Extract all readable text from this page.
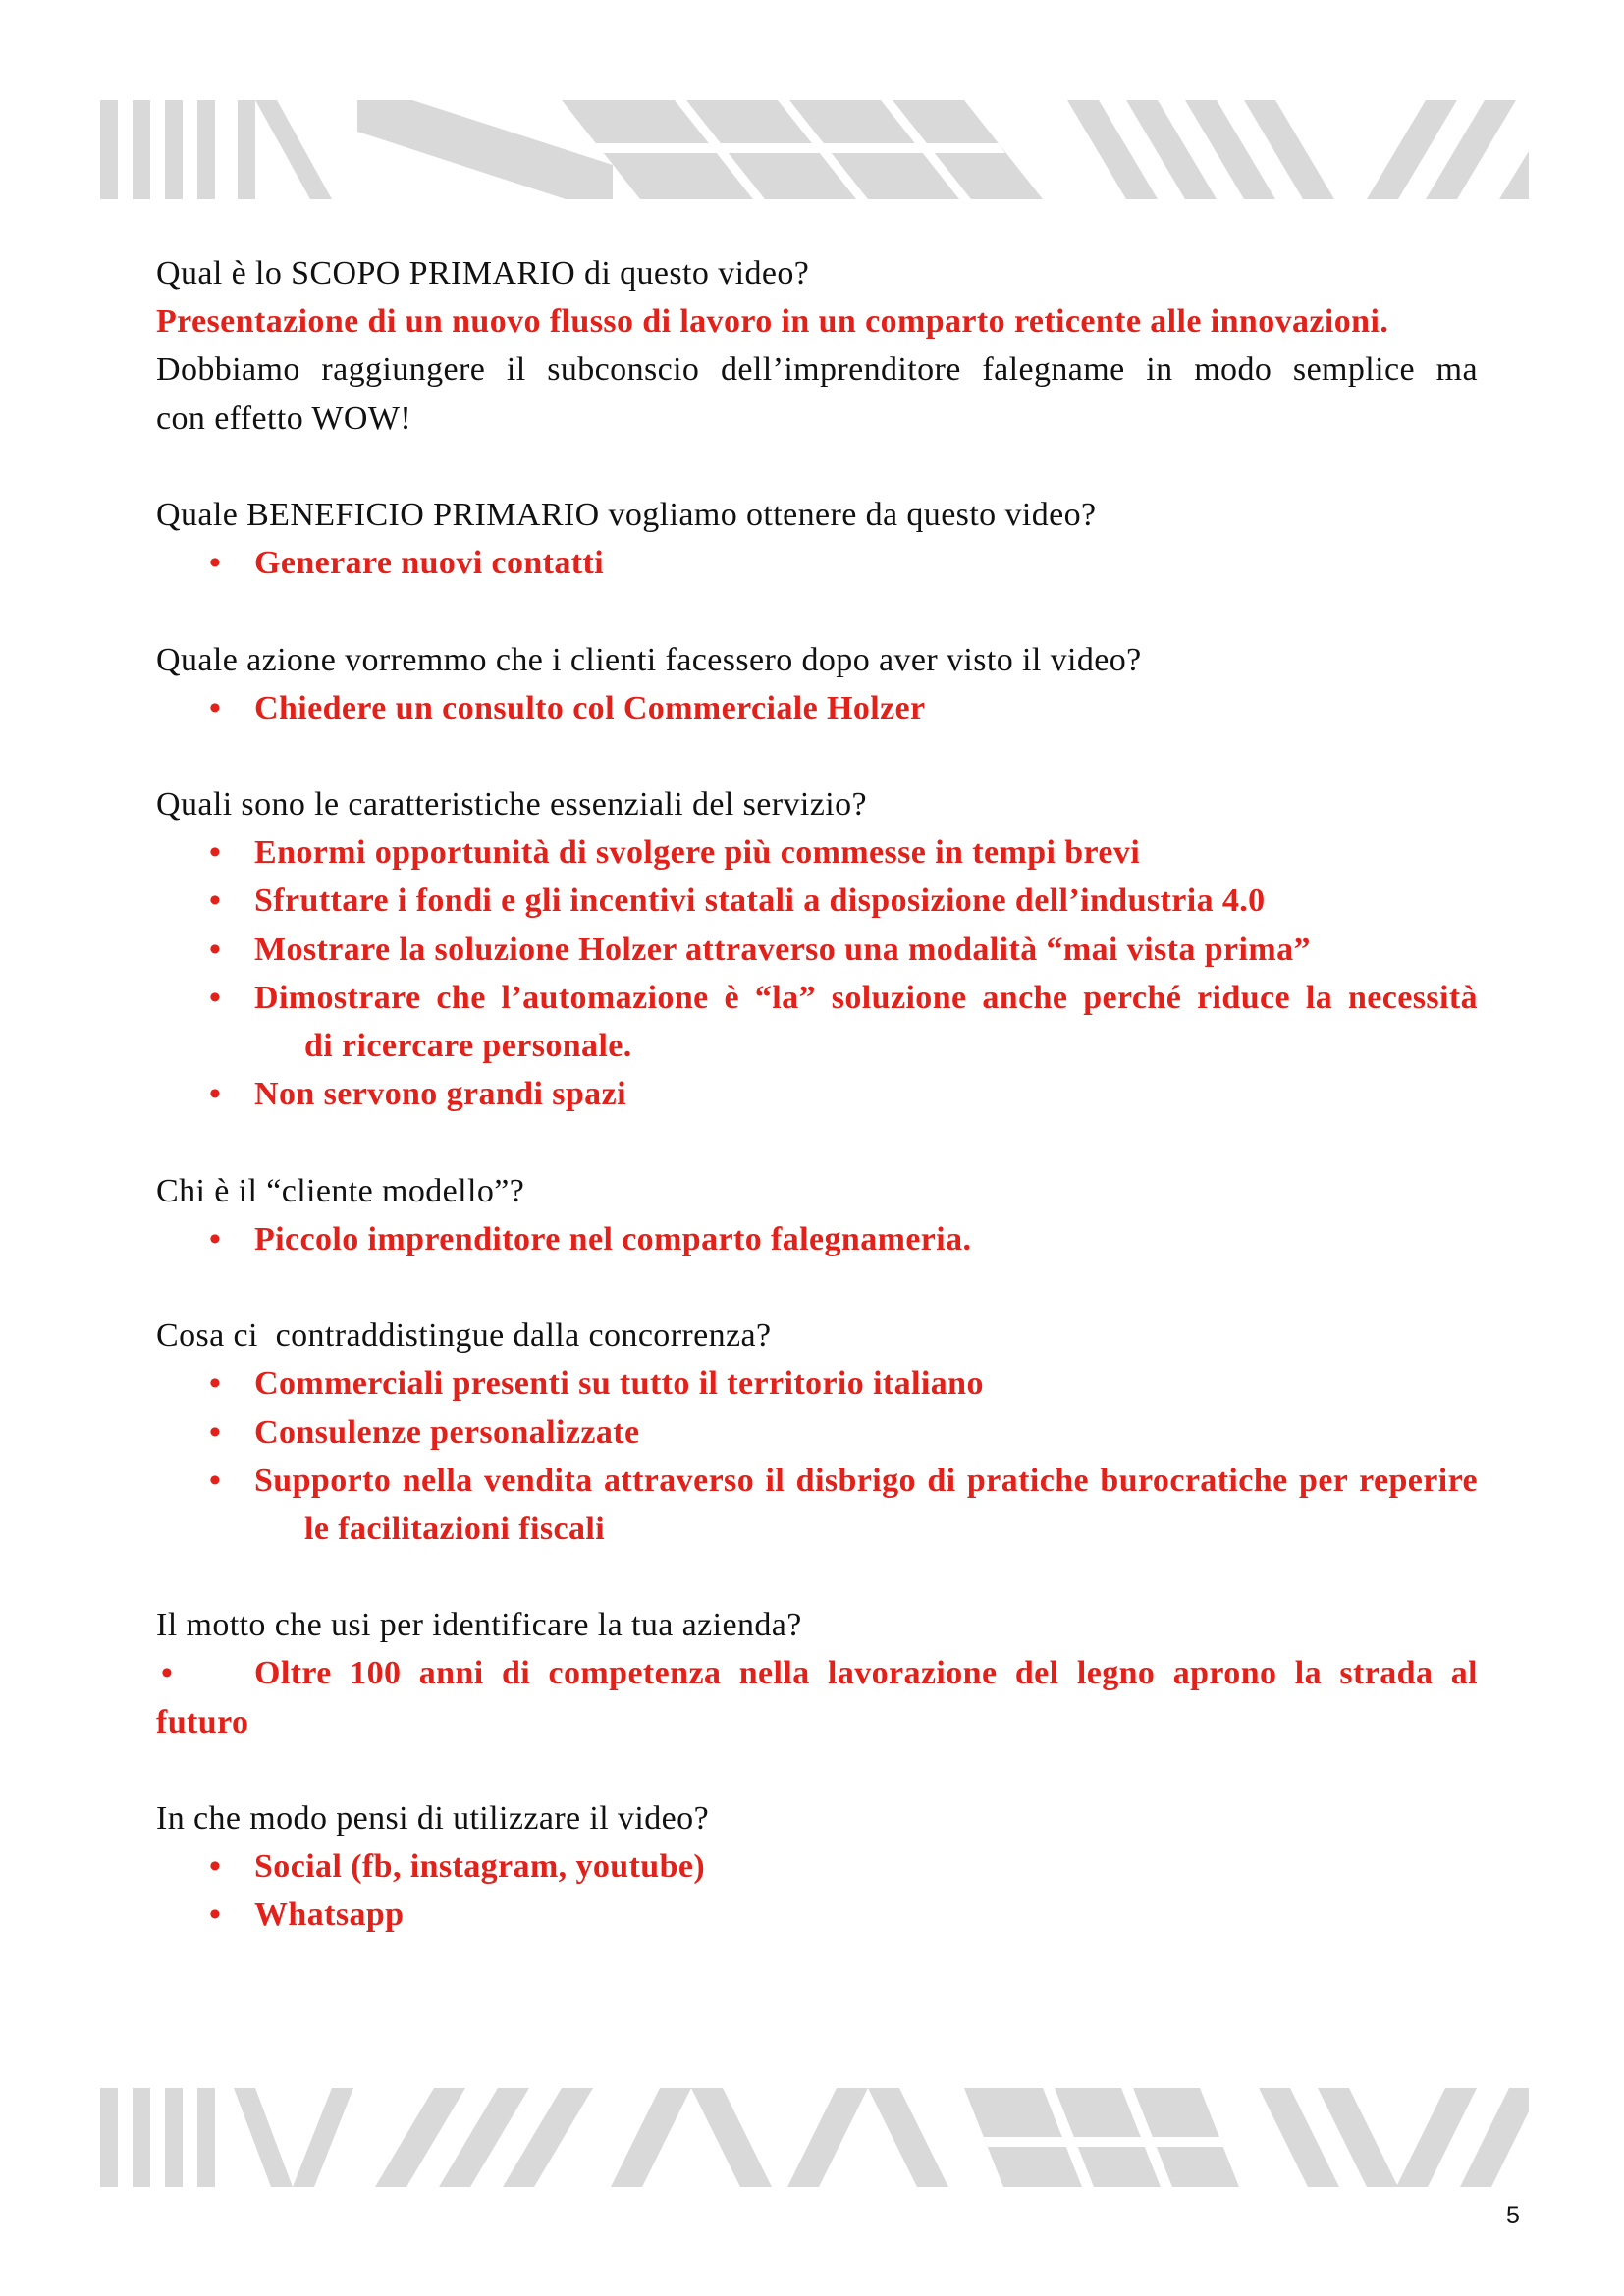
Qual è lo SCOPO PRIMARIO di questo video?
Presentazione di un nuovo flusso di lavoro in un comparto reticente alle innovazioni.
Dobbiamo raggiungere il subconscio dell’imprenditore falegname in modo semplice ma
con effetto WOW!
Quale BENEFICIO PRIMARIO vogliamo ottenere da questo video?
• Generare nuovi contatti
Quale azione vorremmo che i clienti facessero dopo aver visto il video?
• Chiedere un consulto col Commerciale Holzer
Quali sono le caratteristiche essenziali del servizio?
• Enormi opportunità di svolgere più commesse in tempi brevi
• Sfruttare i fondi e gli incentivi statali a disposizione dell’industria 4.0
• Mostrare la soluzione Holzer attraverso una modalità “mai vista prima”
• Dimostrare che l’automazione è “la” soluzione anche perché riduce la necessità
di ricercare personale.
• Non servono grandi spazi
Chi è il “cliente modello”?
• Piccolo imprenditore nel comparto falegnameria.
Cosa ci  contraddistingue dalla concorrenza?
• Commerciali presenti su tutto il territorio italiano
• Consulenze personalizzate
• Supporto nella vendita attraverso il disbrigo di pratiche burocratiche per reperire
le facilitazioni fiscali
Il motto che usi per identificare la tua azienda?
• Oltre 100 anni di competenza nella lavorazione del legno aprono la strada al
futuro
In che modo pensi di utilizzare il video?
• Social (fb, instagram, youtube)
• Whatsapp
5
